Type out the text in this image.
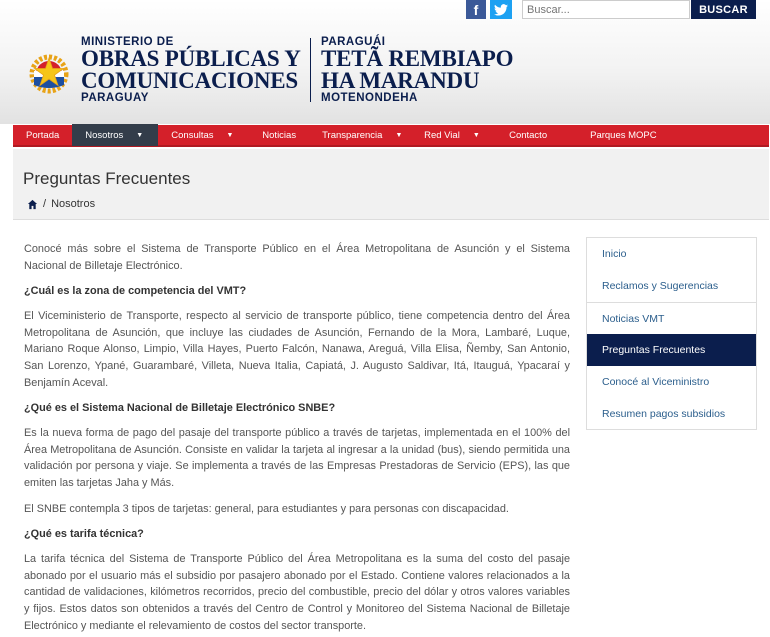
f
Buscar...	BUSCAR
MINISTERIO DE
OBRAS PÚBLICAS Y
COMUNICACIONES
PARAGUAY
PARAGUÁI
TETÃ REMBIAPO
HA MARANDU
MOTENONDEHA
Portada	Nosotros ▼	Consultas ▼	Noticias	Transparencia ▼	Red Vial ▼	Contacto	Parques MOPC
Preguntas Frecuentes
/ Nosotros

Conocé más sobre el Sistema de Transporte Público en el Área Metropolitana de Asunción y el Sistema Nacional de Billetaje Electrónico.

¿Cuál es la zona de competencia del VMT?

El Viceministerio de Transporte, respecto al servicio de transporte público, tiene competencia dentro del Área Metropolitana de Asunción, que incluye las ciudades de Asunción, Fernando de la Mora, Lambaré, Luque, Mariano Roque Alonso, Limpio, Villa Hayes, Puerto Falcón, Nanawa, Areguá, Villa Elisa, Ñemby, San Antonio, San Lorenzo, Ypané, Guarambaré, Villeta, Nueva Italia, Capiatá, J. Augusto Saldivar, Itá, Itauguá, Ypacaraí y Benjamín Aceval.

¿Qué es el Sistema Nacional de Billetaje Electrónico SNBE?

Es la nueva forma de pago del pasaje del transporte público a través de tarjetas, implementada en el 100% del Área Metropolitana de Asunción. Consiste en validar la tarjeta al ingresar a la unidad (bus), siendo permitida una validación por persona y viaje. Se implementa a través de las Empresas Prestadoras de Servicio (EPS), las que emiten las tarjetas Jaha y Más.

El SNBE contempla 3 tipos de tarjetas: general, para estudiantes y para personas con discapacidad.

¿Qué es tarifa técnica?

La tarifa técnica del Sistema de Transporte Público del Área Metropolitana es la suma del costo del pasaje abonado por el usuario más el subsidio por pasajero abonado por el Estado. Contiene valores relacionados a la cantidad de validaciones, kilómetros recorridos, precio del combustible, precio del dólar y otros valores variables y fijos. Estos datos son obtenidos a través del Centro de Control y Monitoreo del Sistema Nacional de Billetaje Electrónico y mediante el relevamiento de costos del sector transporte.

Inicio
Reclamos y Sugerencias
Noticias VMT
Preguntas Frecuentes
Conocé al Viceministro
Resumen pagos subsidios
